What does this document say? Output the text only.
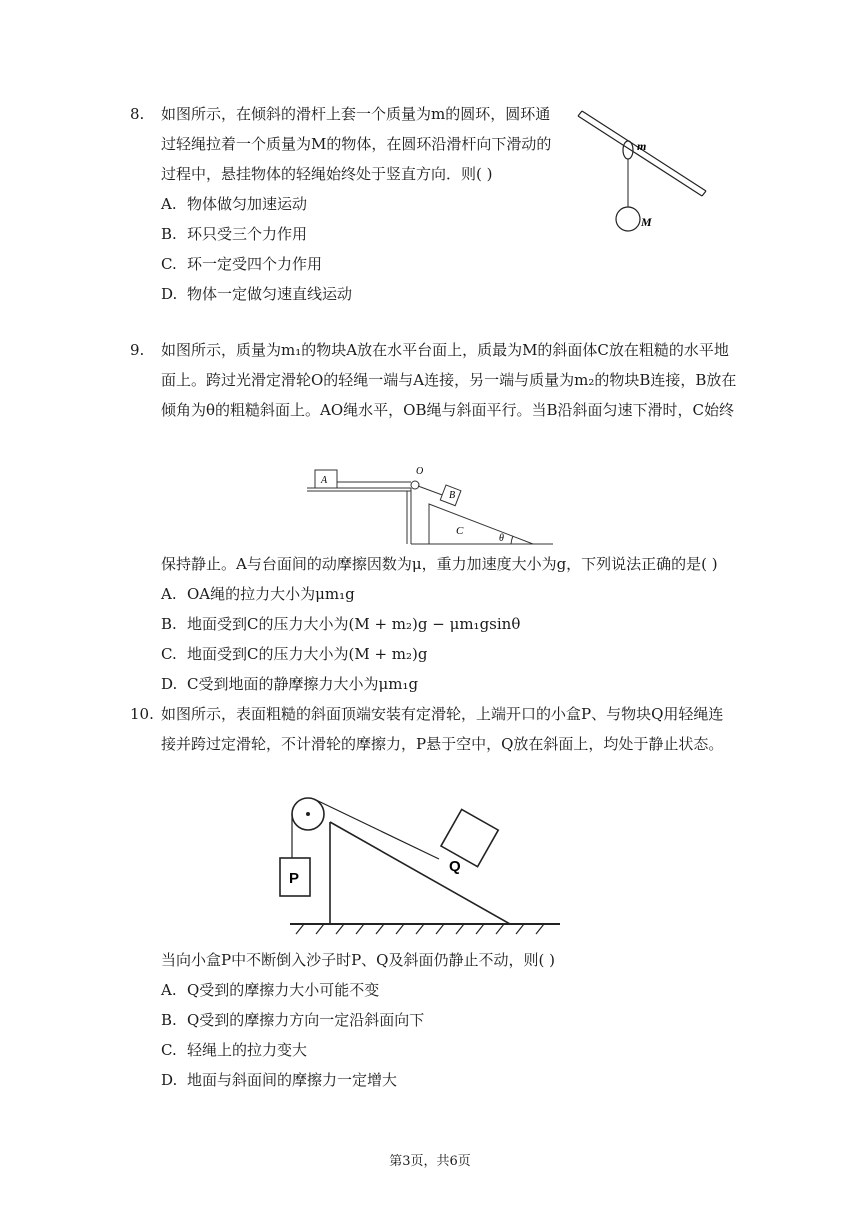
8. 如图所示，在倾斜的滑杆上套一个质量为m的圆环，圆环通
过轻绳拉着一个质量为M的物体，在圆环沿滑杆向下滑动的
过程中，悬挂物体的轻绳始终处于竖直方向．则( )
A. 物体做匀加速运动
B. 环只受三个力作用
C. 环一定受四个力作用
D. 物体一定做匀速直线运动
m
M
9. 如图所示，质量为m₁的物块A放在水平台面上，质最为M的斜面体C放在粗糙的水平地
面上。跨过光滑定滑轮O的轻绳一端与A连接，另一端与质量为m₂的物块B连接，B放在
倾角为θ的粗糙斜面上。AO绳水平，OB绳与斜面平行。当B沿斜面匀速下滑时，C始终
A
O
B
C
θ
保持静止。A与台面间的动摩擦因数为μ，重力加速度大小为g，下列说法正确的是( )
A. OA绳的拉力大小为μm₁g
B. 地面受到C的压力大小为(M + m₂)g − μm₁gsinθ
C. 地面受到C的压力大小为(M + m₂)g
D. C受到地面的静摩擦力大小为μm₁g
10. 如图所示，表面粗糙的斜面顶端安装有定滑轮，上端开口的小盒P、与物块Q用轻绳连
接并跨过定滑轮，不计滑轮的摩擦力，P悬于空中，Q放在斜面上，均处于静止状态。
P
Q
当向小盒P中不断倒入沙子时P、Q及斜面仍静止不动，则( )
A. Q受到的摩擦力大小可能不变
B. Q受到的摩擦力方向一定沿斜面向下
C. 轻绳上的拉力变大
D. 地面与斜面间的摩擦力一定增大
第3页，共6页
